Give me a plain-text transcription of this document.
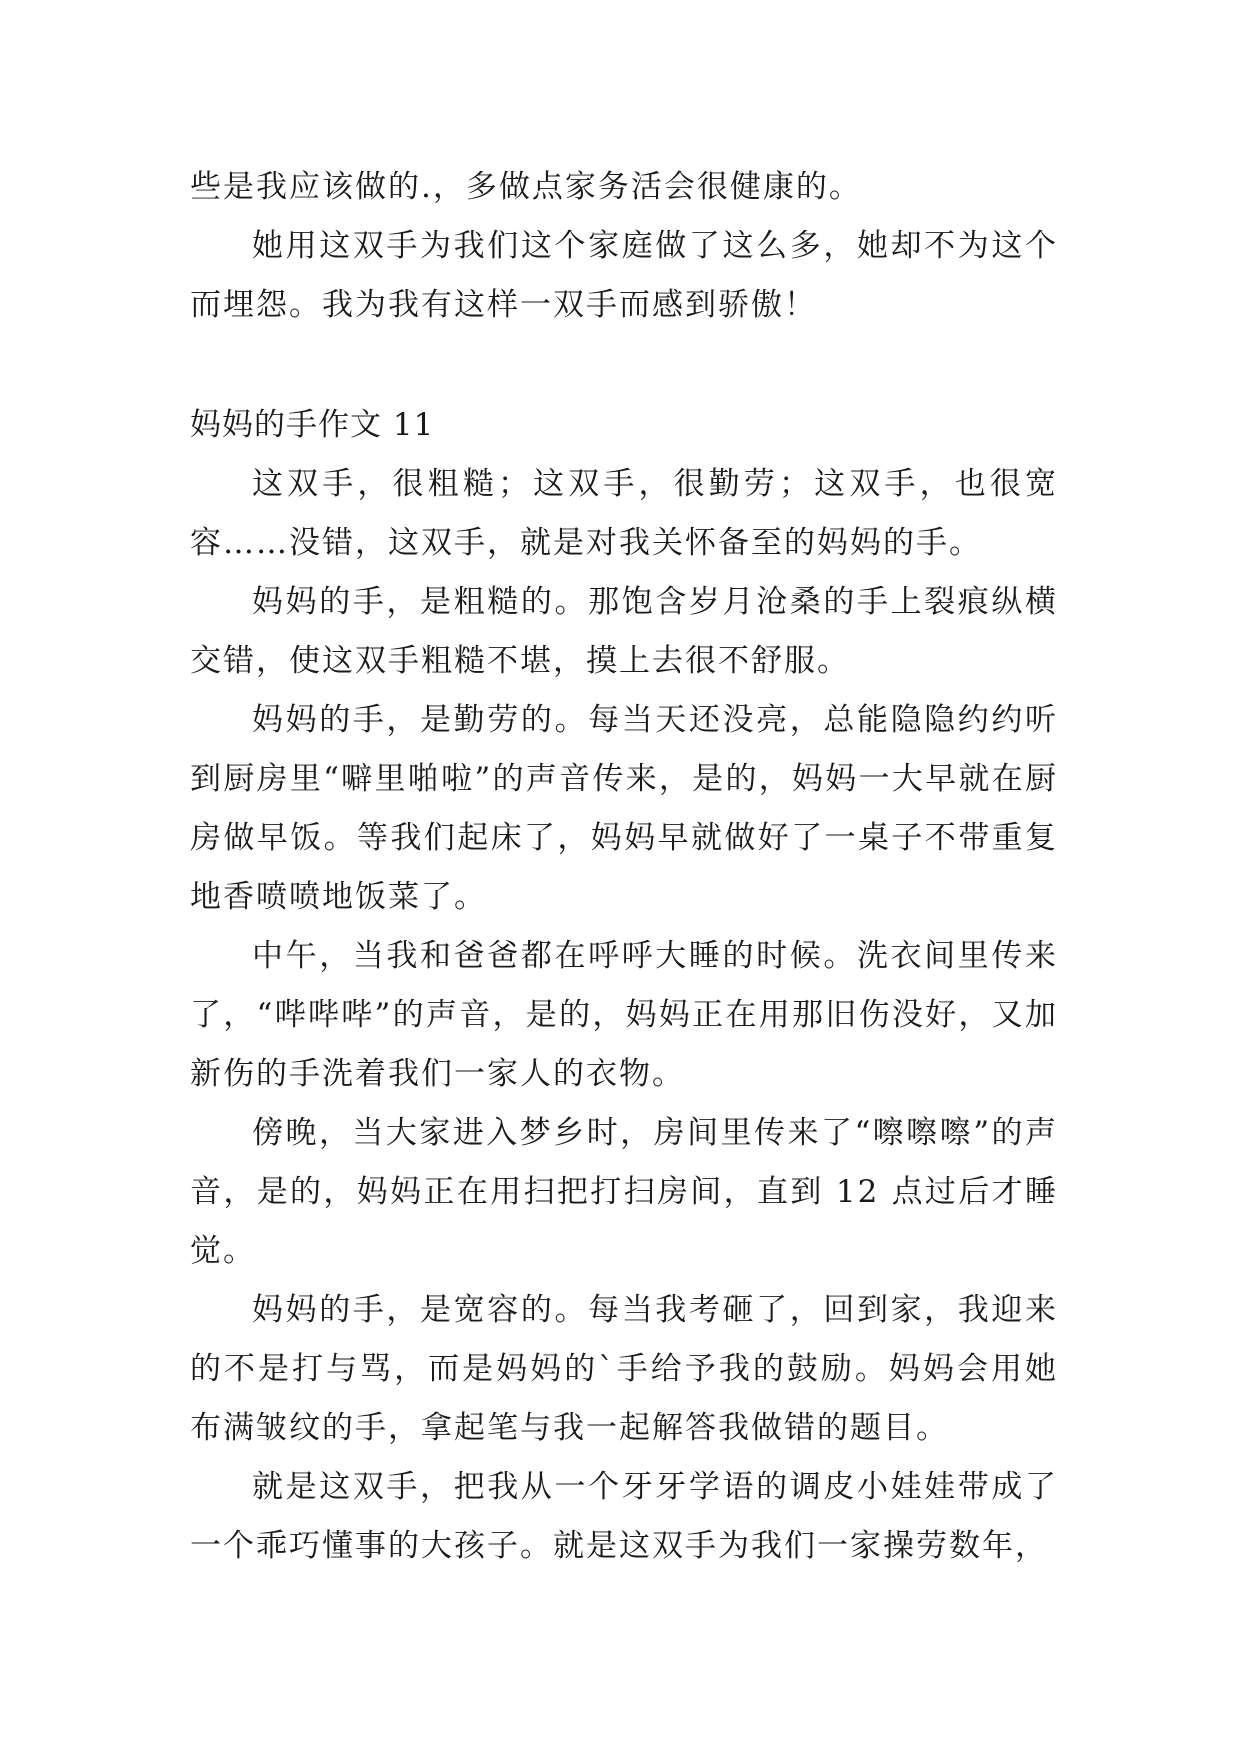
些是我应该做的.，多做点家务活会很健康的。

她用这双手为我们这个家庭做了这么多，她却不为这个而埋怨。我为我有这样一双手而感到骄傲！

妈妈的手作文 11

这双手，很粗糙；这双手，很勤劳；这双手，也很宽容……没错，这双手，就是对我关怀备至的妈妈的手。

妈妈的手，是粗糙的。那饱含岁月沧桑的手上裂痕纵横交错，使这双手粗糙不堪，摸上去很不舒服。

妈妈的手，是勤劳的。每当天还没亮，总能隐隐约约听到厨房里“噼里啪啦”的声音传来，是的，妈妈一大早就在厨房做早饭。等我们起床了，妈妈早就做好了一桌子不带重复地香喷喷地饭菜了。

中午，当我和爸爸都在呼呼大睡的时候。洗衣间里传来了，“哔哔哔”的声音，是的，妈妈正在用那旧伤没好，又加新伤的手洗着我们一家人的衣物。

傍晚，当大家进入梦乡时，房间里传来了“嚓嚓嚓”的声音，是的，妈妈正在用扫把打扫房间，直到 12 点过后才睡觉。

妈妈的手，是宽容的。每当我考砸了，回到家，我迎来的不是打与骂，而是妈妈的`手给予我的鼓励。妈妈会用她布满皱纹的手，拿起笔与我一起解答我做错的题目。

就是这双手，把我从一个牙牙学语的调皮小娃娃带成了一个乖巧懂事的大孩子。就是这双手为我们一家操劳数年，
